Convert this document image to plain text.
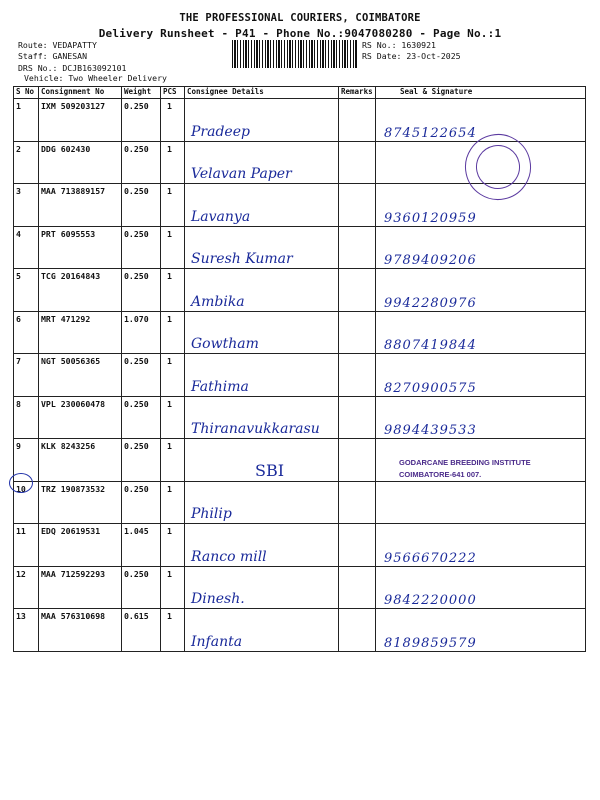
THE PROFESSIONAL COURIERS, COIMBATORE
Delivery Runsheet - P41 - Phone No.:9047080280 - Page No.:1
Route: VEDAPATTY
Staff: GANESAN
DRS No.: DCJB163092101
Vehicle: Two Wheeler Delivery
RS No.: 1630921
RS Date: 23-Oct-2025
S No	Consignment No	Weight	PCS	Consignee Details	Remarks	Seal & Signature
1	IXM 509203127	0.250	1	Pradeep		8745122654

2	DDG 602430	0.250	1	Velavan Paper		

3	MAA 713889157	0.250	1	Lavanya		9360120959

4	PRT 6095553	0.250	1	Suresh Kumar		9789409206

5	TCG 20164843	0.250	1	Ambika		9942280976

6	MRT 471292	1.070	1	Gowtham		8807419844

7	NGT 50056365	0.250	1	Fathima		8270900575

8	VPL 230060478	0.250	1	Thiranavukkarasu		9894439533

9	KLK 8243256	0.250	1	SBI		

10	TRZ 190873532	0.250	1	Philip		

11	EDQ 20619531	1.045	1	Ranco mill		9566670222

12	MAA 712592293	0.250	1	Dinesh.		9842220000

13	MAA 576310698	0.615	1	Infanta		8189859579
GODARCANE BREEDING INSTITUTE
COIMBATORE-641 007.
